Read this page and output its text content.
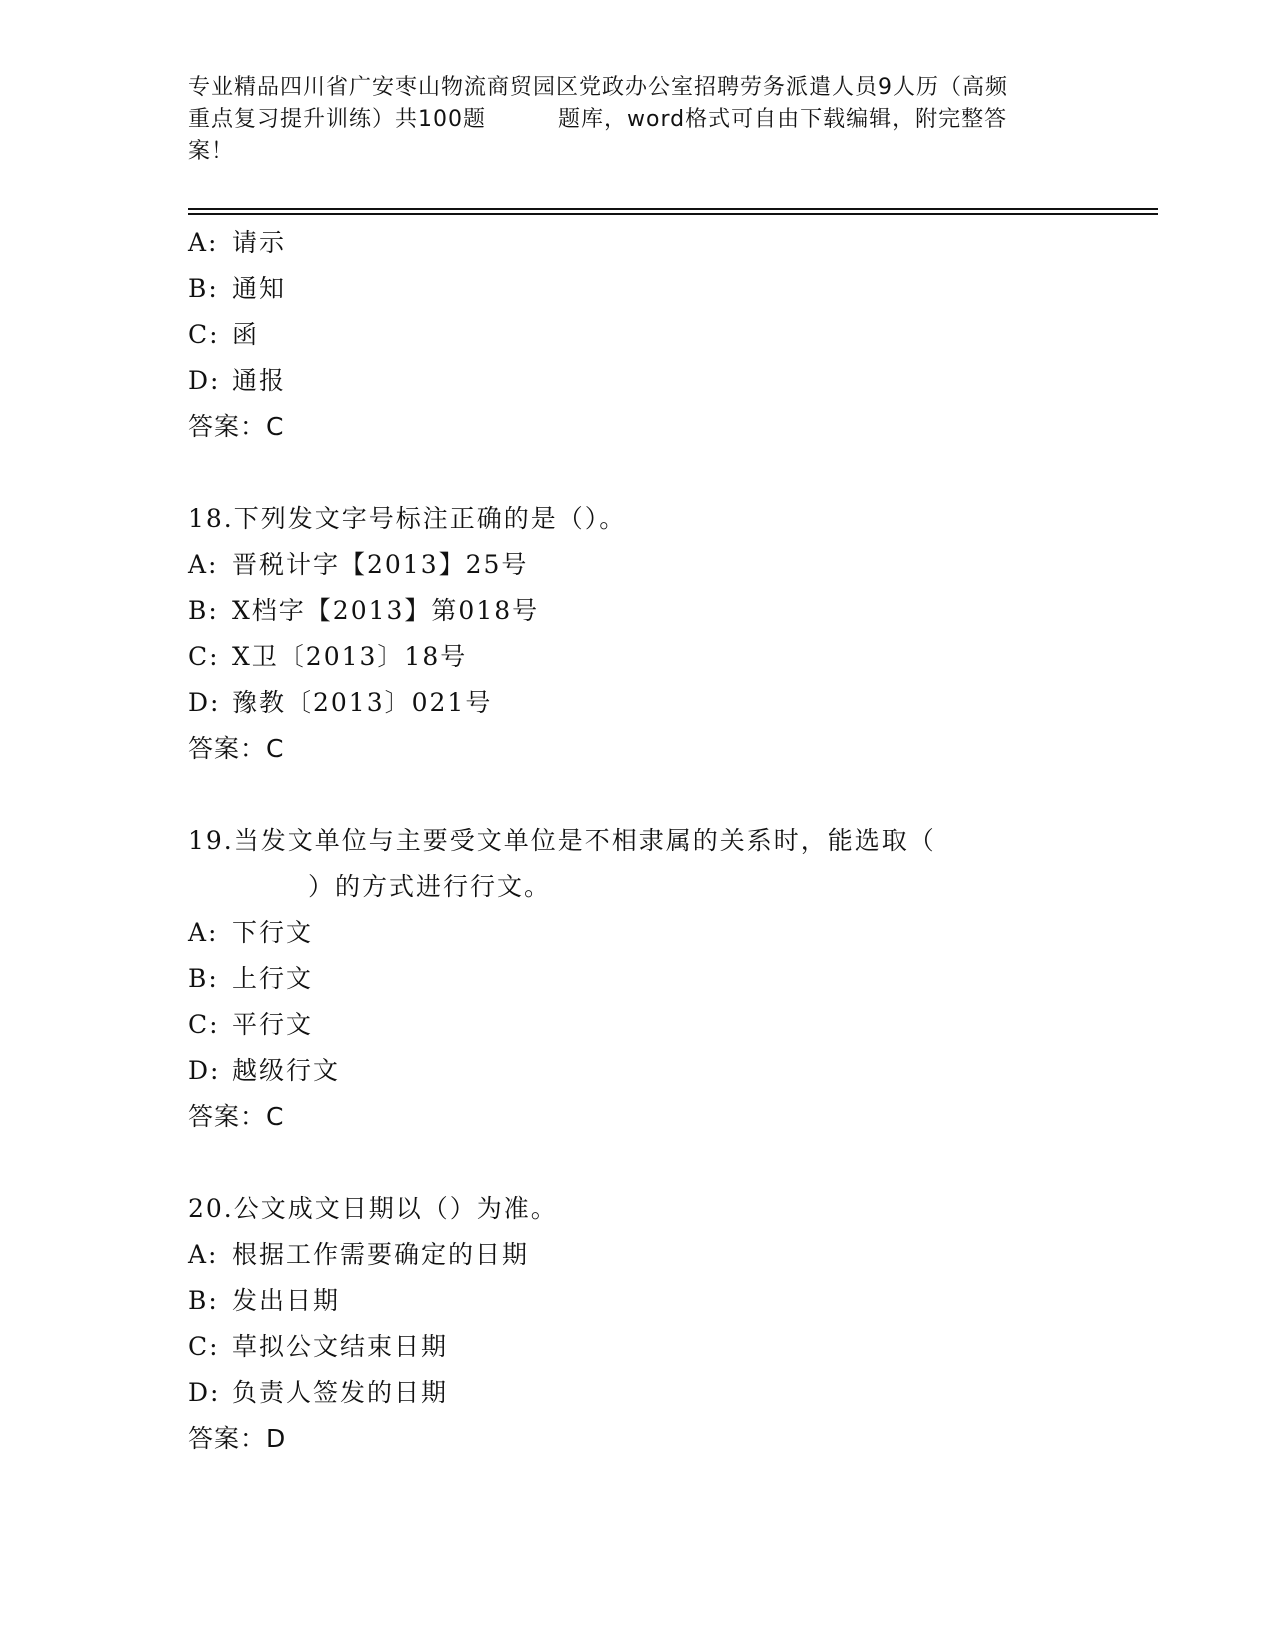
专业精品四川省广安枣山物流商贸园区党政办公室招聘劳务派遣人员9人历（高频
重点复习提升训练）共100题	题库，word格式可自由下载编辑，附完整答
案！
A: 请示
B: 通知
C: 函
D: 通报
答案：C
18.下列发文字号标注正确的是（）。
A: 晋税计字【2013】25号
B: X档字【2013】第018号
C: X卫〔2013〕18号
D: 豫教〔2013〕021号
答案：C
19.当发文单位与主要受文单位是不相隶属的关系时，能选取（
）的方式进行行文。
A: 下行文
B: 上行文
C: 平行文
D: 越级行文
答案：C
20.公文成文日期以（）为准。
A: 根据工作需要确定的日期
B: 发出日期
C: 草拟公文结束日期
D: 负责人签发的日期
答案：D
